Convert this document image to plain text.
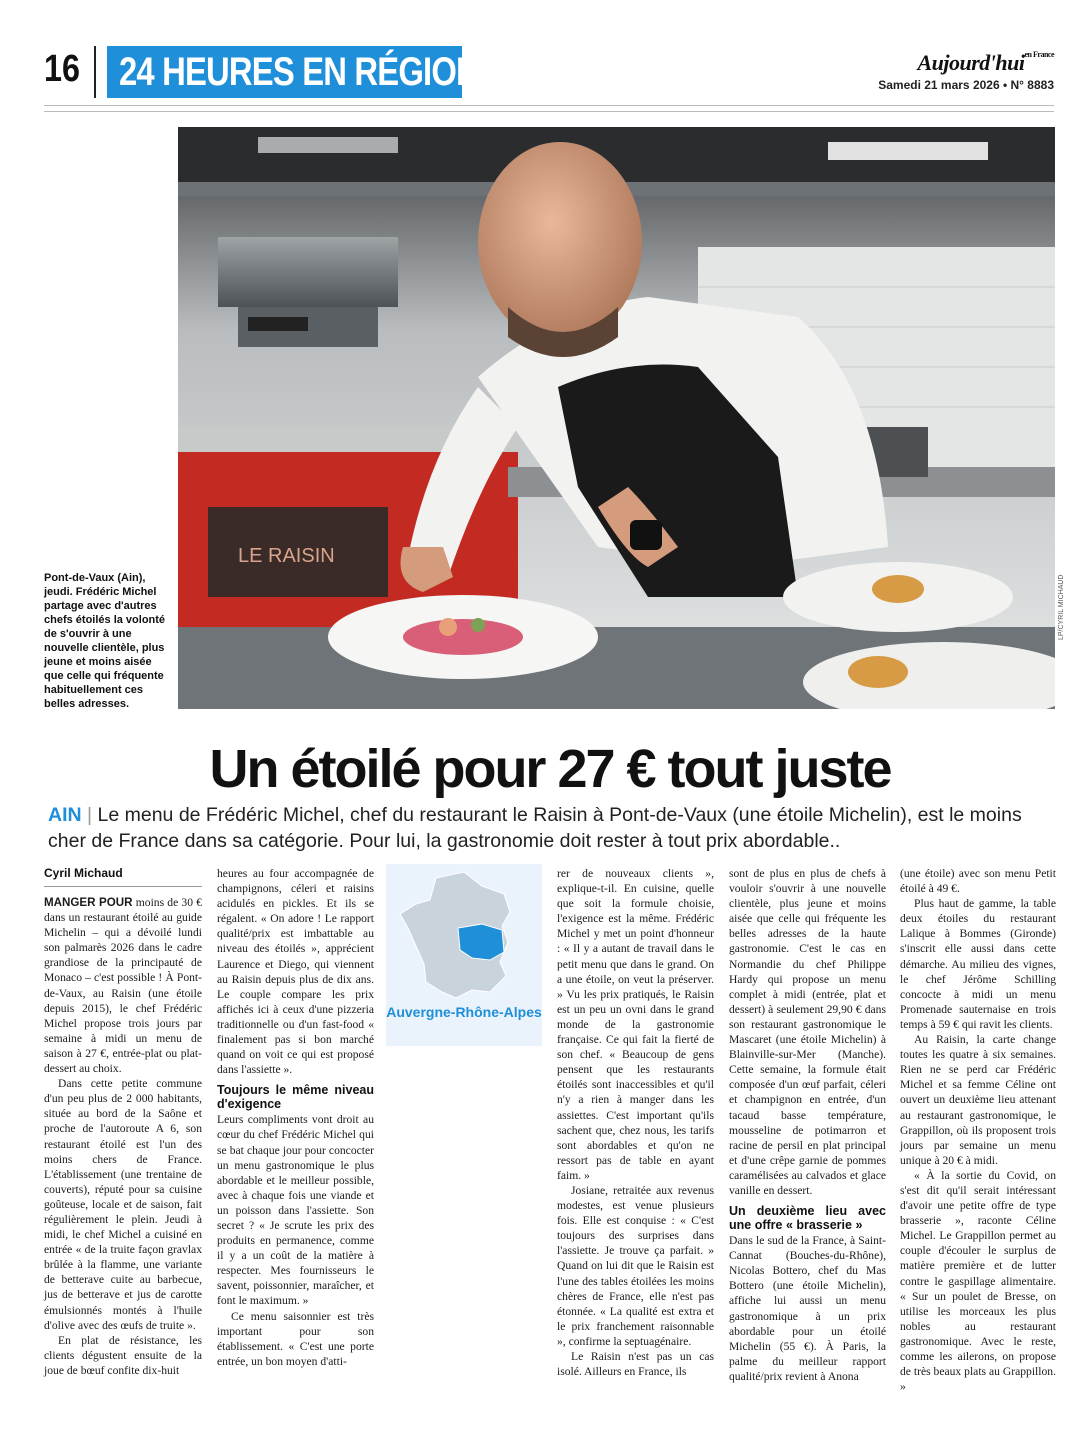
16 24 HEURES EN RÉGION	Aujourd'hui$^{en France}$
Samedi 21 mars 2026 • N° 8883
LE RAISIN
LP/CYRIL MICHAUD
Pont-de-Vaux (Ain), jeudi. Frédéric Michel partage avec d'autres chefs étoilés la volonté de s'ouvrir à une nouvelle clientèle, plus jeune et moins aisée que celle qui fréquente habituellement ces belles adresses.
Un étoilé pour 27 € tout juste
AIN | Le menu de Frédéric Michel, chef du restaurant le Raisin à Pont-de-Vaux (une étoile Michelin), est le moins cher de France dans sa catégorie. Pour lui, la gastronomie doit rester à tout prix abordable..
Cyril Michaud

MANGER POUR moins de 30 € dans un restaurant étoilé au guide Michelin – qui a dévoilé lundi son palmarès 2026 dans le cadre grandiose de la principauté de Monaco – c'est possible ! À Pont-de-Vaux, au Raisin (une étoile depuis 2015), le chef Frédéric Michel propose trois jours par semaine à midi un menu de saison à 27 €, entrée-plat ou plat-dessert au choix.

Dans cette petite commune d'un peu plus de 2 000 habitants, située au bord de la Saône et proche de l'autoroute A 6, son restaurant étoilé est l'un des moins chers de France. L'établissement (une trentaine de couverts), réputé pour sa cuisine goûteuse, locale et de saison, fait régulièrement le plein. Jeudi à midi, le chef Michel a cuisiné en entrée « de la truite façon gravlax brûlée à la flamme, une variante de betterave cuite au barbecue, jus de betterave et jus de carotte émulsionnés montés à l'huile d'olive avec des œufs de truite ».

En plat de résistance, les clients dégustent ensuite de la joue de bœuf confite dix-huit

heures au four accompagnée de champignons, céleri et raisins acidulés en pickles. Et ils se régalent. « On adore ! Le rapport qualité/prix est imbattable au niveau des étoilés », apprécient Laurence et Diego, qui viennent au Raisin depuis plus de dix ans. Le couple compare les prix affichés ici à ceux d'une pizzeria traditionnelle ou d'un fast-food « finalement pas si bon marché quand on voit ce qui est proposé dans l'assiette ».

Toujours le même niveau d'exigence

Leurs compliments vont droit au cœur du chef Frédéric Michel qui se bat chaque jour pour concocter un menu gastronomique le plus abordable et le meilleur possible, avec à chaque fois une viande et un poisson dans l'assiette. Son secret ? « Je scrute les prix des produits en permanence, comme il y a un coût de la matière à respecter. Mes fournisseurs le savent, poissonnier, maraîcher, et font le maximum. »

Ce menu saisonnier est très important pour son établissement. « C'est une porte entrée, un bon moyen d'atti-

Auvergne-Rhône-Alpes

rer de nouveaux clients », explique-t-il. En cuisine, quelle que soit la formule choisie, l'exigence est la même. Frédéric Michel y met un point d'honneur : « Il y a autant de travail dans le petit menu que dans le grand. On a une étoile, on veut la préserver. » Vu les prix pratiqués, le Raisin est un peu un ovni dans le grand monde de la gastronomie française. Ce qui fait la fierté de son chef. « Beaucoup de gens pensent que les restaurants étoilés sont inaccessibles et qu'il n'y a rien à manger dans les assiettes. C'est important qu'ils sachent que, chez nous, les tarifs sont abordables et qu'on ne ressort pas de table en ayant faim. »

Josiane, retraitée aux revenus modestes, est venue plusieurs fois. Elle est conquise : « C'est toujours des surprises dans l'assiette. Je trouve ça parfait. » Quand on lui dit que le Raisin est l'une des tables étoilées les moins chères de France, elle n'est pas étonnée. « La qualité est extra et le prix franchement raisonnable », confirme la septuagénaire.

Le Raisin n'est pas un cas isolé. Ailleurs en France, ils

sont de plus en plus de chefs à vouloir s'ouvrir à une nouvelle clientèle, plus jeune et moins aisée que celle qui fréquente les belles adresses de la haute gastronomie. C'est le cas en Normandie du chef Philippe Hardy qui propose un menu complet à midi (entrée, plat et dessert) à seulement 29,90 € dans son restaurant gastronomique le Mascaret (une étoile Michelin) à Blainville-sur-Mer (Manche). Cette semaine, la formule était composée d'un œuf parfait, céleri et champignon en entrée, d'un tacaud basse température, mousseline de potimarron et racine de persil en plat principal et d'une crêpe garnie de pommes caramélisées au calvados et glace vanille en dessert.

Un deuxième lieu avec une offre « brasserie »

Dans le sud de la France, à Saint-Cannat (Bouches-du-Rhône), Nicolas Bottero, chef du Mas Bottero (une étoile Michelin), affiche lui aussi un menu gastronomique à un prix abordable pour un étoilé Michelin (55 €). À Paris, la palme du meilleur rapport qualité/prix revient à Anona

(une étoile) avec son menu Petit étoilé à 49 €.

Plus haut de gamme, la table deux étoiles du restaurant Lalique à Bommes (Gironde) s'inscrit elle aussi dans cette démarche. Au milieu des vignes, le chef Jérôme Schilling concocte à midi un menu Promenade sauternaise en trois temps à 59 € qui ravit les clients.

Au Raisin, la carte change toutes les quatre à six semaines. Rien ne se perd car Frédéric Michel et sa femme Céline ont ouvert un deuxième lieu attenant au restaurant gastronomique, le Grappillon, où ils proposent trois jours par semaine un menu unique à 20 € à midi.

« À la sortie du Covid, on s'est dit qu'il serait intéressant d'avoir une petite offre de type brasserie », raconte Céline Michel. Le Grappillon permet au couple d'écouler le surplus de matière première et de lutter contre le gaspillage alimentaire. « Sur un poulet de Bresse, on utilise les morceaux les plus nobles au restaurant gastronomique. Avec le reste, comme les ailerons, on propose de très beaux plats au Grappillon. »
